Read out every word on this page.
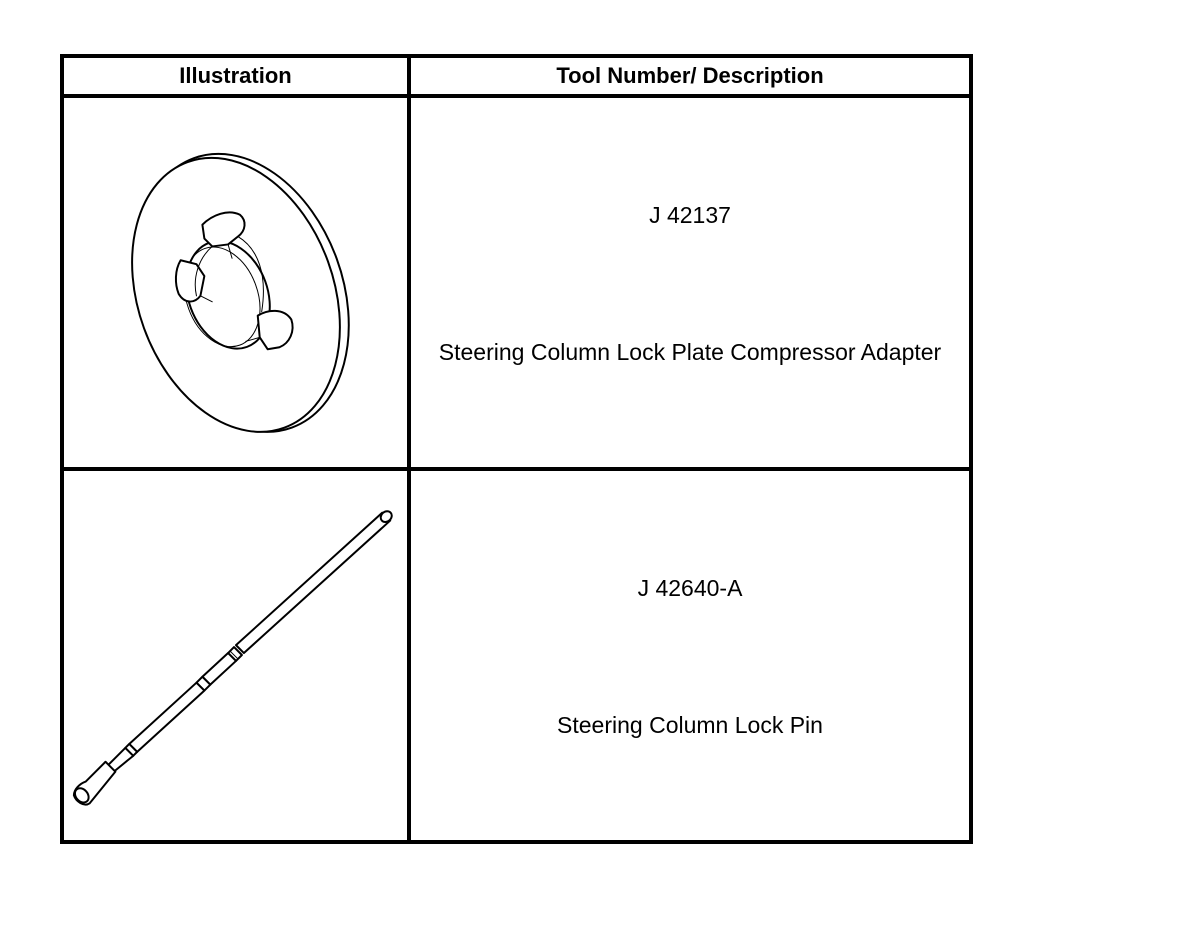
Illustration	Tool Number/ Description

J 42137
Steering Column Lock Plate Compressor Adapter

J 42640-A
Steering Column Lock Pin
